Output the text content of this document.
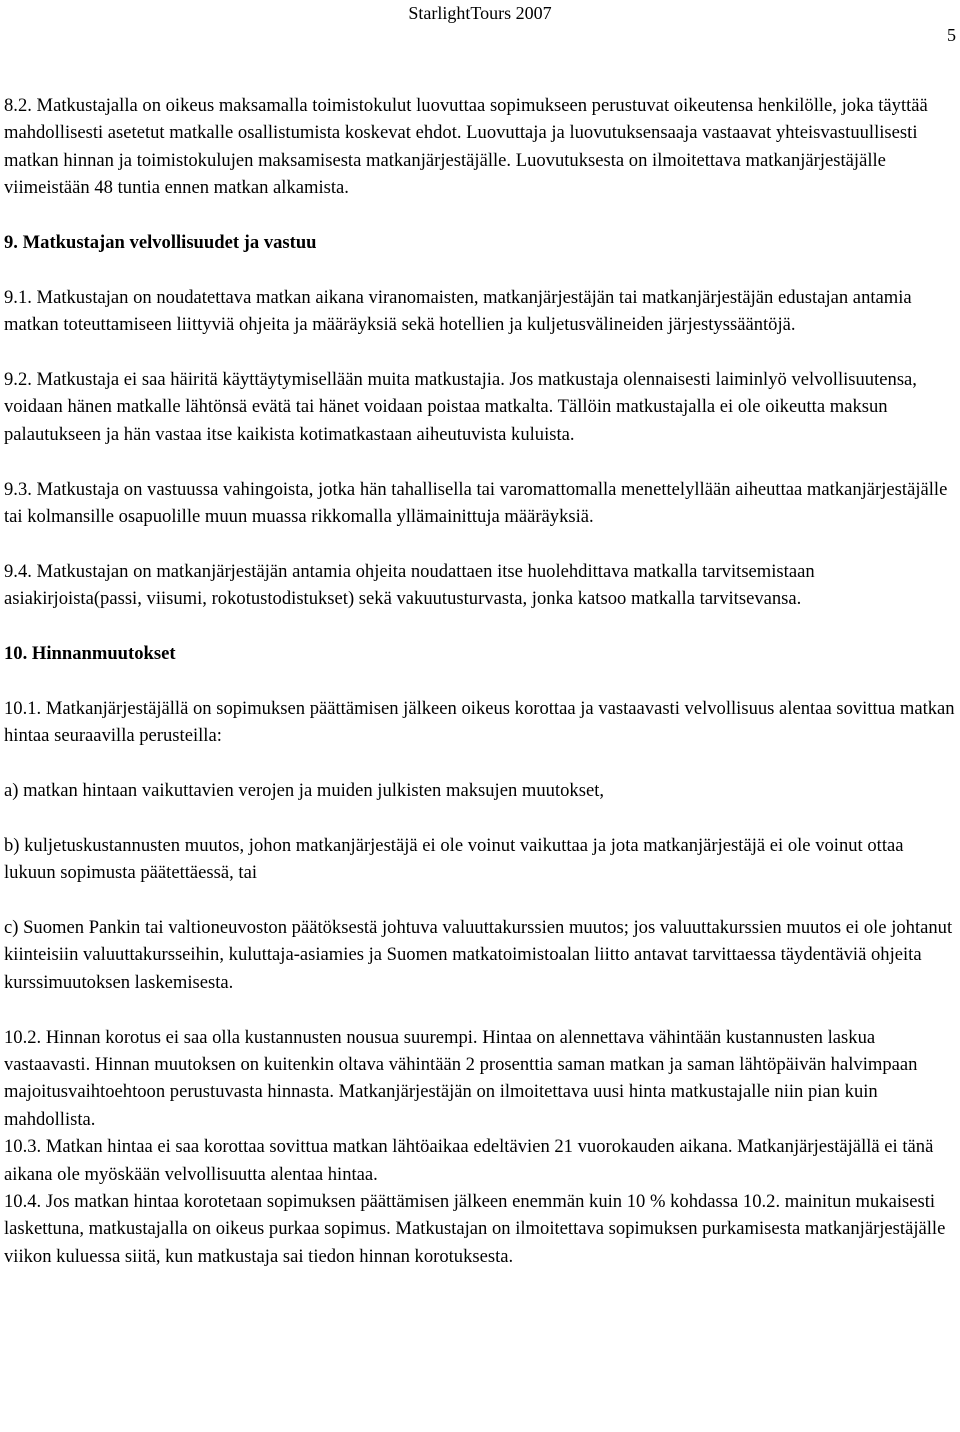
StarlightTours 2007
5

8.2. Matkustajalla on oikeus maksamalla toimistokulut luovuttaa sopimukseen perustuvat oikeutensa henkilölle, joka täyttää mahdollisesti asetetut matkalle osallistumista koskevat ehdot. Luovuttaja ja luovutuksensaaja vastaavat yhteisvastuullisesti matkan hinnan ja toimistokulujen maksamisesta matkanjärjestäjälle. Luovutuksesta on ilmoitettava matkanjärjestäjälle viimeistään 48 tuntia ennen matkan alkamista.

9. Matkustajan velvollisuudet ja vastuu

9.1. Matkustajan on noudatettava matkan aikana viranomaisten, matkanjärjestäjän tai matkanjärjestäjän edustajan antamia matkan toteuttamiseen liittyviä ohjeita ja määräyksiä sekä hotellien ja kuljetusvälineiden järjestyssääntöjä.

9.2. Matkustaja ei saa häiritä käyttäytymisellään muita matkustajia. Jos matkustaja olennaisesti laiminlyö velvollisuutensa, voidaan hänen matkalle lähtönsä evätä tai hänet voidaan poistaa matkalta. Tällöin matkustajalla ei ole oikeutta maksun palautukseen ja hän vastaa itse kaikista kotimatkastaan aiheutuvista kuluista.

9.3. Matkustaja on vastuussa vahingoista, jotka hän tahallisella tai varomattomalla menettelyllään aiheuttaa matkanjärjestäjälle tai kolmansille osapuolille muun muassa rikkomalla yllämainittuja määräyksiä.

9.4. Matkustajan on matkanjärjestäjän antamia ohjeita noudattaen itse huolehdittava matkalla tarvitsemistaan asiakirjoista(passi, viisumi, rokotustodistukset) sekä vakuutusturvasta, jonka katsoo matkalla tarvitsevansa.

10. Hinnanmuutokset

10.1. Matkanjärjestäjällä on sopimuksen päättämisen jälkeen oikeus korottaa ja vastaavasti velvollisuus alentaa sovittua matkan hintaa seuraavilla perusteilla:

a) matkan hintaan vaikuttavien verojen ja muiden julkisten maksujen muutokset,

b) kuljetuskustannusten muutos, johon matkanjärjestäjä ei ole voinut vaikuttaa ja jota matkanjärjestäjä ei ole voinut ottaa lukuun sopimusta päätettäessä, tai

c) Suomen Pankin tai valtioneuvoston päätöksestä johtuva valuuttakurssien muutos; jos valuuttakurssien muutos ei ole johtanut kiinteisiin valuuttakursseihin, kuluttaja-asiamies ja Suomen matkatoimistoalan liitto antavat tarvittaessa täydentäviä ohjeita kurssimuutoksen laskemisesta.

10.2. Hinnan korotus ei saa olla kustannusten nousua suurempi. Hintaa on alennettava vähintään kustannusten laskua vastaavasti. Hinnan muutoksen on kuitenkin oltava vähintään 2 prosenttia saman matkan ja saman lähtöpäivän halvimpaan majoitusvaihtoehtoon perustuvasta hinnasta. Matkanjärjestäjän on ilmoitettava uusi hinta matkustajalle niin pian kuin mahdollista.

10.3. Matkan hintaa ei saa korottaa sovittua matkan lähtöaikaa edeltävien 21 vuorokauden aikana. Matkanjärjestäjällä ei tänä aikana ole myöskään velvollisuutta alentaa hintaa.

10.4. Jos matkan hintaa korotetaan sopimuksen päättämisen jälkeen enemmän kuin 10 % kohdassa 10.2. mainitun mukaisesti laskettuna, matkustajalla on oikeus purkaa sopimus. Matkustajan on ilmoitettava sopimuksen purkamisesta matkanjärjestäjälle viikon kuluessa siitä, kun matkustaja sai tiedon hinnan korotuksesta.
